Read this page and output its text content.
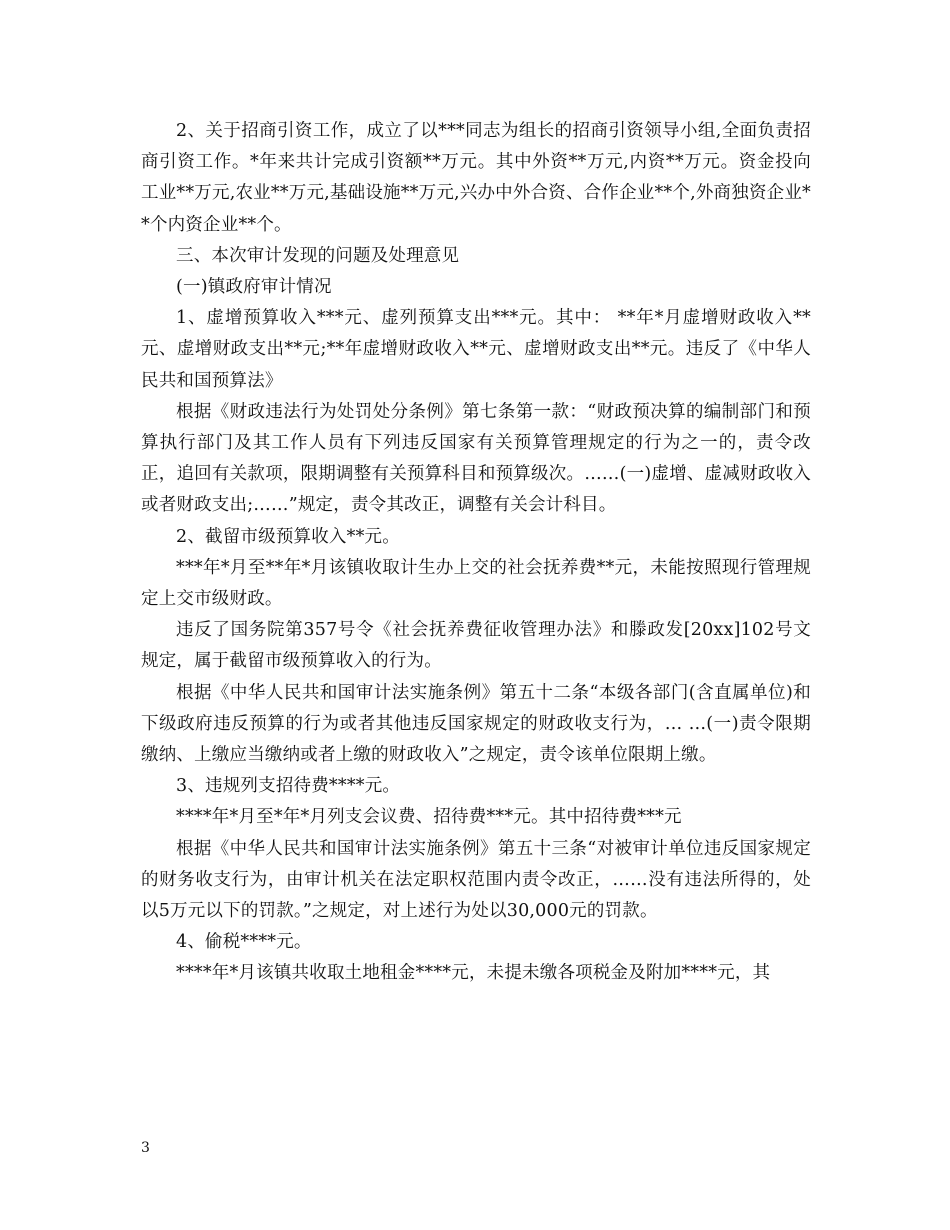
2、关于招商引资工作，成立了以***同志为组长的招商引资领导小组,全面负责招商引资工作。*年来共计完成引资额**万元。其中外资**万元,内资**万元。资金投向工业**万元,农业**万元,基础设施**万元,兴办中外合资、合作企业**个,外商独资企业**个内资企业**个。

三、本次审计发现的问题及处理意见

(一)镇政府审计情况

1、虚增预算收入***元、虚列预算支出***元。其中： **年*月虚增财政收入**元、虚增财政支出**元;**年虚增财政收入**元、虚增财政支出**元。违反了《中华人民共和国预算法》

根据《财政违法行为处罚处分条例》第七条第一款：“财政预决算的编制部门和预算执行部门及其工作人员有下列违反国家有关预算管理规定的行为之一的，责令改正，追回有关款项，限期调整有关预算科目和预算级次。……(一)虚增、虚减财政收入或者财政支出;……”规定，责令其改正，调整有关会计科目。

2、截留市级预算收入**元。

***年*月至**年*月该镇收取计生办上交的社会抚养费**元，未能按照现行管理规定上交市级财政。

违反了国务院第357号令《社会抚养费征收管理办法》和滕政发[20xx]102号文规定，属于截留市级预算收入的行为。

根据《中华人民共和国审计法实施条例》第五十二条“本级各部门(含直属单位)和下级政府违反预算的行为或者其他违反国家规定的财政收支行为，… …(一)责令限期缴纳、上缴应当缴纳或者上缴的财政收入”之规定，责令该单位限期上缴。

3、违规列支招待费****元。

****年*月至*年*月列支会议费、招待费***元。其中招待费***元

根据《中华人民共和国审计法实施条例》第五十三条“对被审计单位违反国家规定的财务收支行为，由审计机关在法定职权范围内责令改正，……没有违法所得的，处以5万元以下的罚款。”之规定，对上述行为处以30,000元的罚款。

4、偷税****元。

****年*月该镇共收取土地租金****元，未提未缴各项税金及附加****元，其

3
